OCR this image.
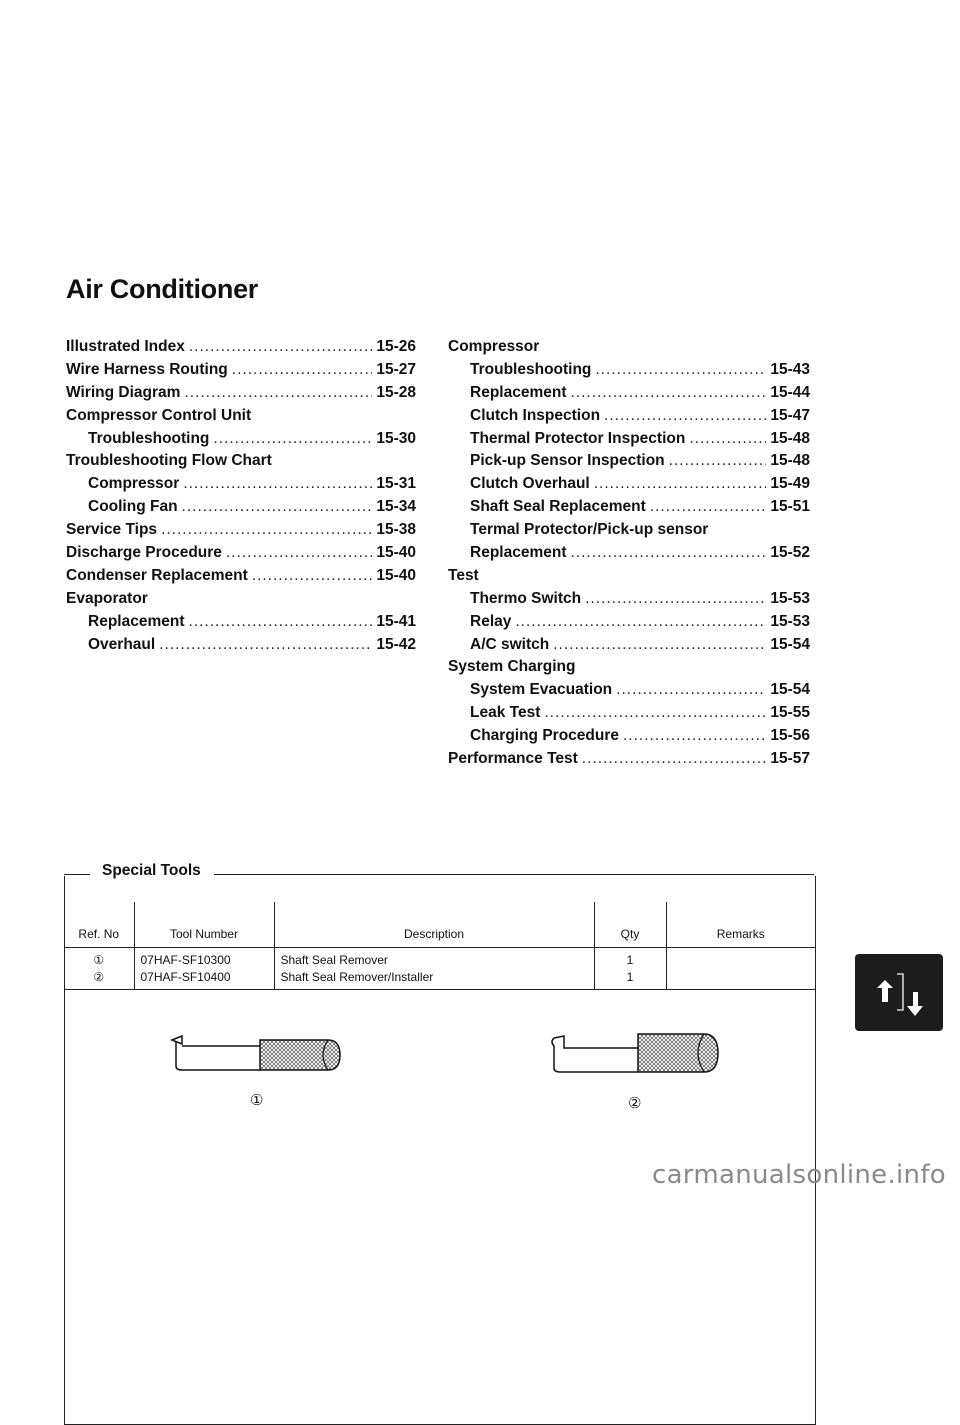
Air Conditioner
Illustrated Index .....	15-26
Wire Harness Routing .....	15-27
Wiring Diagram .....	15-28
Compressor Control Unit
Troubleshooting .....	15-30
Troubleshooting Flow Chart
Compressor .....	15-31
Cooling Fan .....	15-34
Service Tips .....	15-38
Discharge Procedure .....	15-40
Condenser Replacement .....	15-40
Evaporator
Replacement .....	15-41
Overhaul .....	15-42
Compressor
Troubleshooting .....	15-43
Replacement .....	15-44
Clutch Inspection .....	15-47
Thermal Protector Inspection .....	15-48
Pick-up Sensor Inspection .....	15-48
Clutch Overhaul .....	15-49
Shaft Seal Replacement .....	15-51
Termal Protector/Pick-up sensor
Replacement .....	15-52
Test
Thermo Switch .....	15-53
Relay .....	15-53
A/C switch .....	15-54
System Charging
System Evacuation .....	15-54
Leak Test .....	15-55
Charging Procedure .....	15-56
Performance Test .....	15-57
Special Tools
Ref. No	Tool Number	Description	Qty	Remarks
①	07HAF-SF10300	Shaft Seal Remover	1	
②	07HAF-SF10400	Shaft Seal Remover/Installer	1	
①	②
carmanualsonline.info
